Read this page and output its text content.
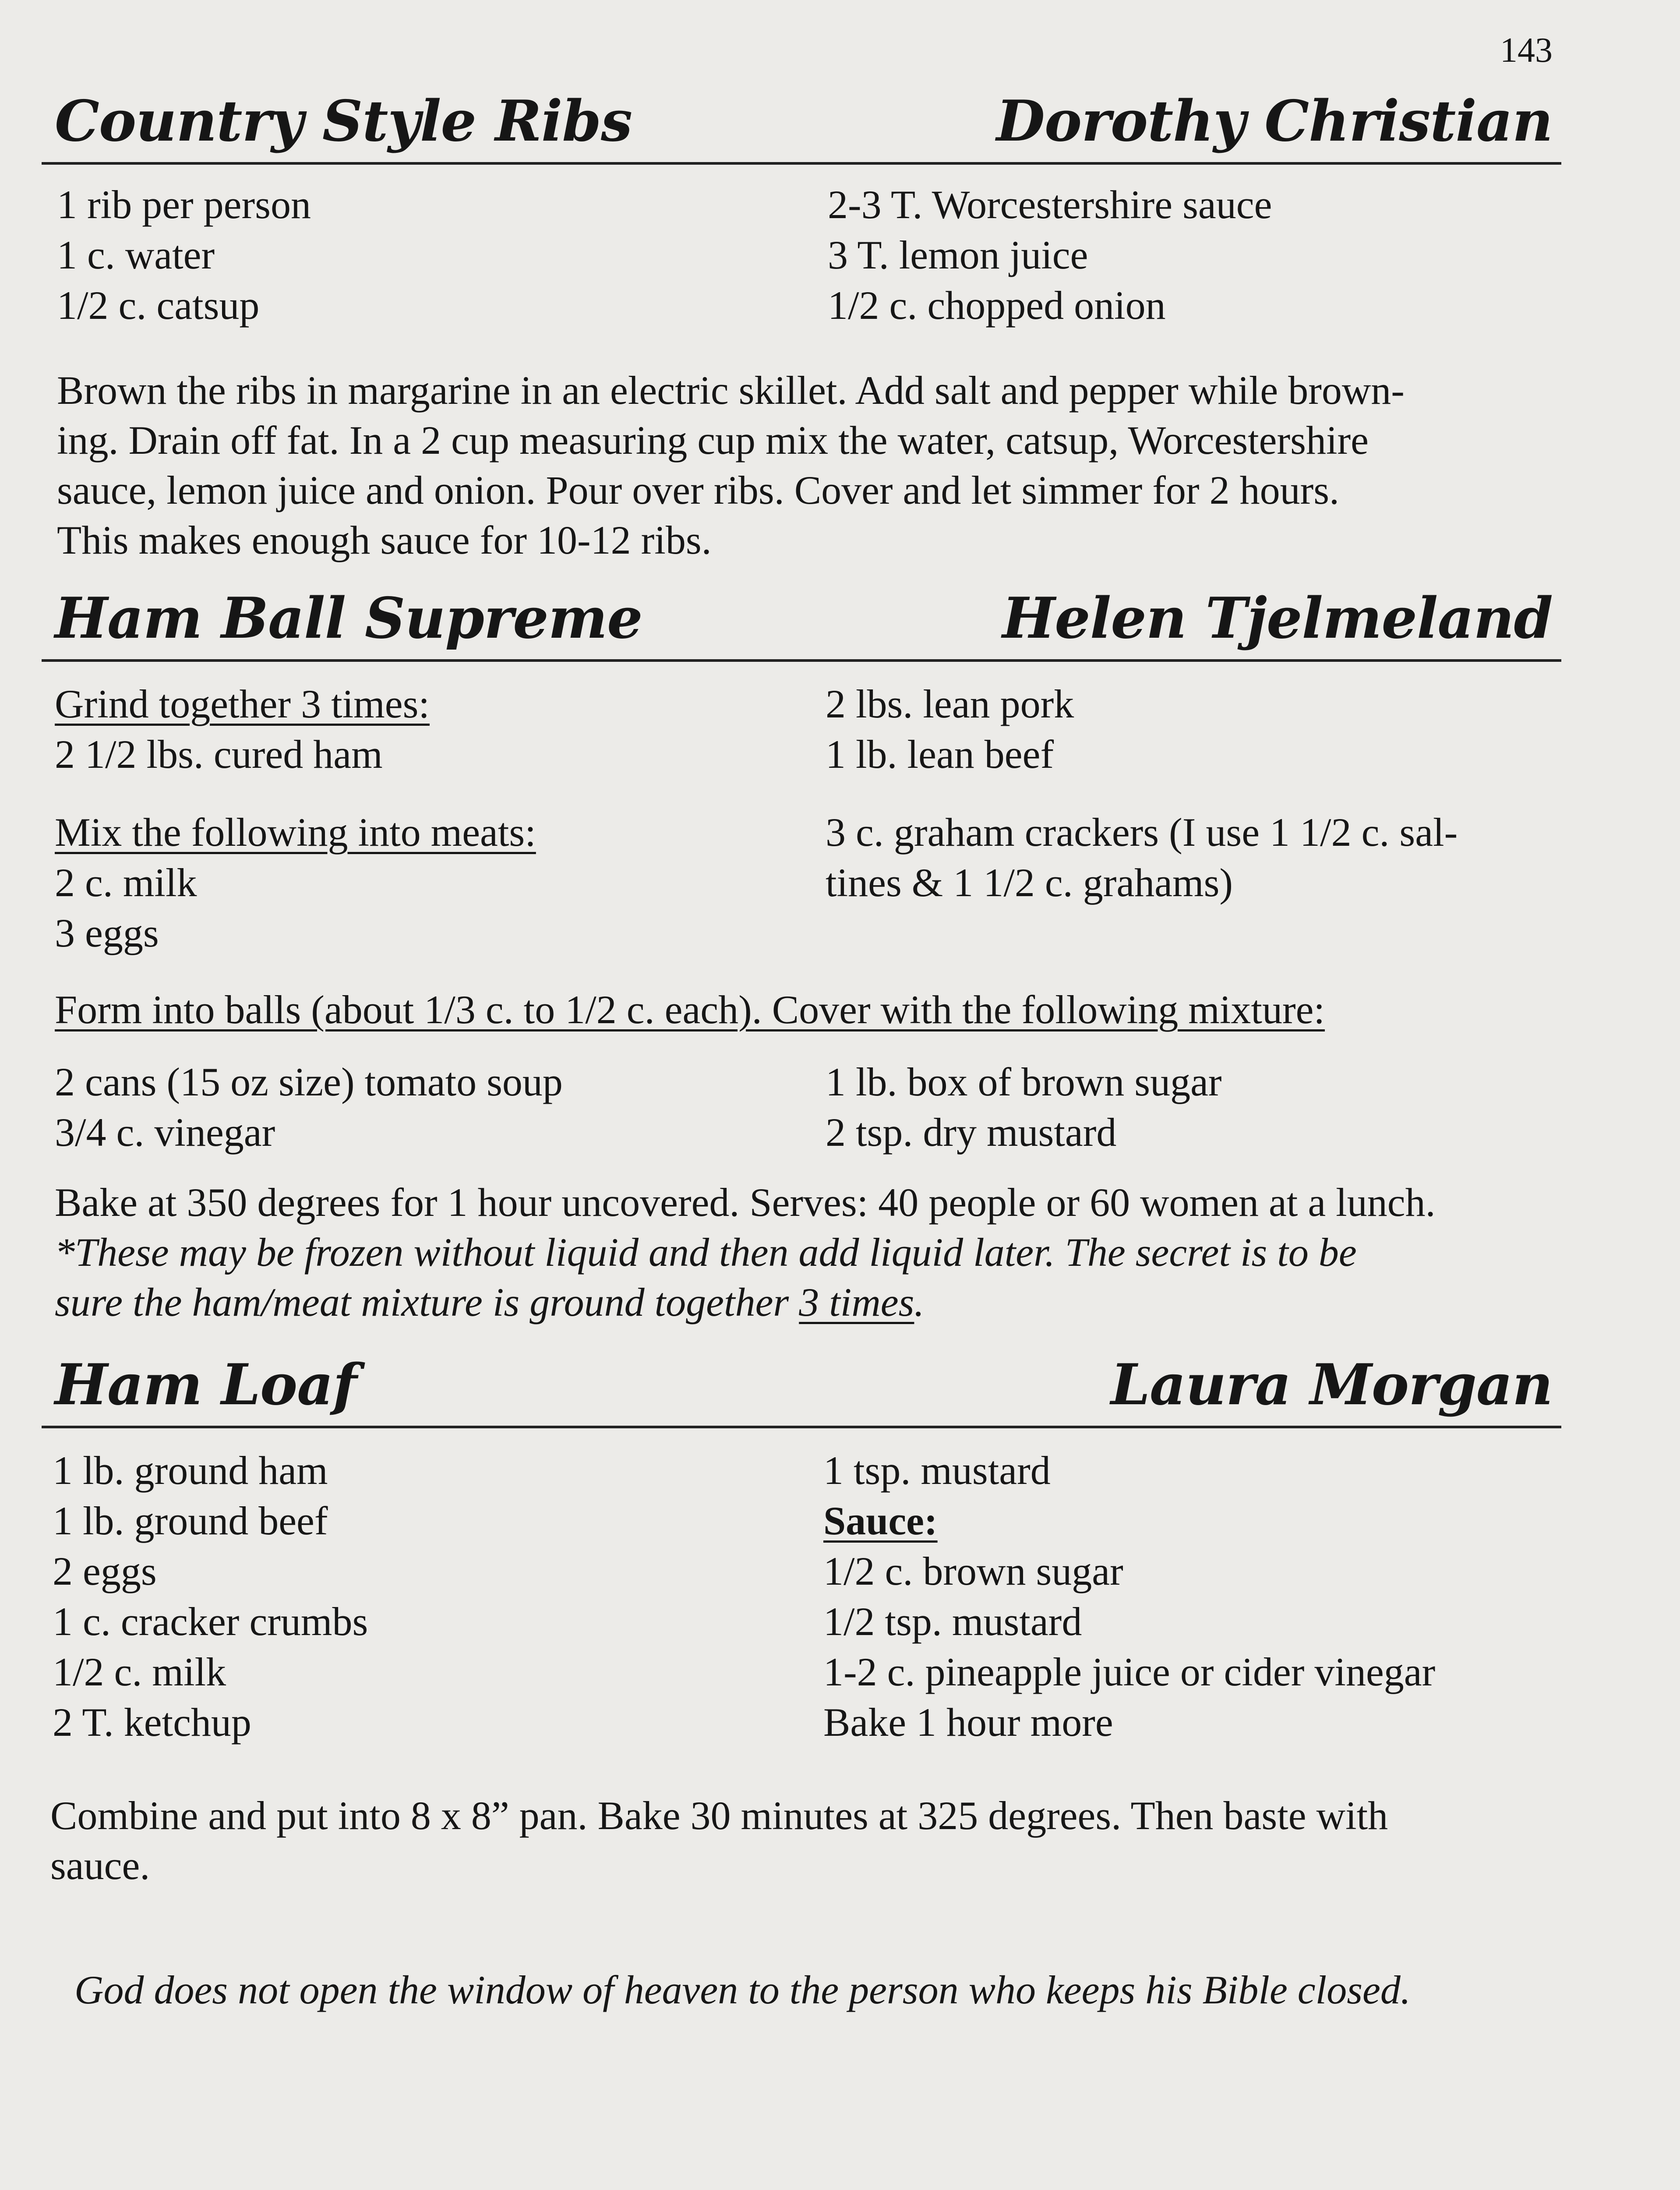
143
Country Style Ribs	Dorothy Christian
1 rib per person
1 c. water
1/2 c. catsup
2-3 T. Worcestershire sauce
3 T. lemon juice
1/2 c. chopped onion
Brown the ribs in margarine in an electric skillet. Add salt and pepper while brown-
ing. Drain off fat. In a 2 cup measuring cup mix the water, catsup, Worcestershire
sauce, lemon juice and onion. Pour over ribs. Cover and let simmer for 2 hours.
This makes enough sauce for 10-12 ribs.
Ham Ball Supreme	Helen Tjelmeland
Grind together 3 times:
2 1/2 lbs. cured ham
2 lbs. lean pork
1 lb. lean beef
Mix the following into meats:
2 c. milk
3 eggs
3 c. graham crackers (I use 1 1/2 c. sal-
tines & 1 1/2 c. grahams)
Form into balls (about 1/3 c. to 1/2 c. each). Cover with the following mixture:
2 cans (15 oz size) tomato soup
3/4 c. vinegar
1 lb. box of brown sugar
2 tsp. dry mustard
Bake at 350 degrees for 1 hour uncovered. Serves: 40 people or 60 women at a lunch.
*These may be frozen without liquid and then add liquid later. The secret is to be
sure the ham/meat mixture is ground together 3 times.
Ham Loaf	Laura Morgan
1 lb. ground ham
1 lb. ground beef
2 eggs
1 c. cracker crumbs
1/2 c. milk
2 T. ketchup
1 tsp. mustard
Sauce:
1/2 c. brown sugar
1/2 tsp. mustard
1-2 c. pineapple juice or cider vinegar
Bake 1 hour more
Combine and put into 8 x 8” pan. Bake 30 minutes at 325 degrees. Then baste with
sauce.
God does not open the window of heaven to the person who keeps his Bible closed.
